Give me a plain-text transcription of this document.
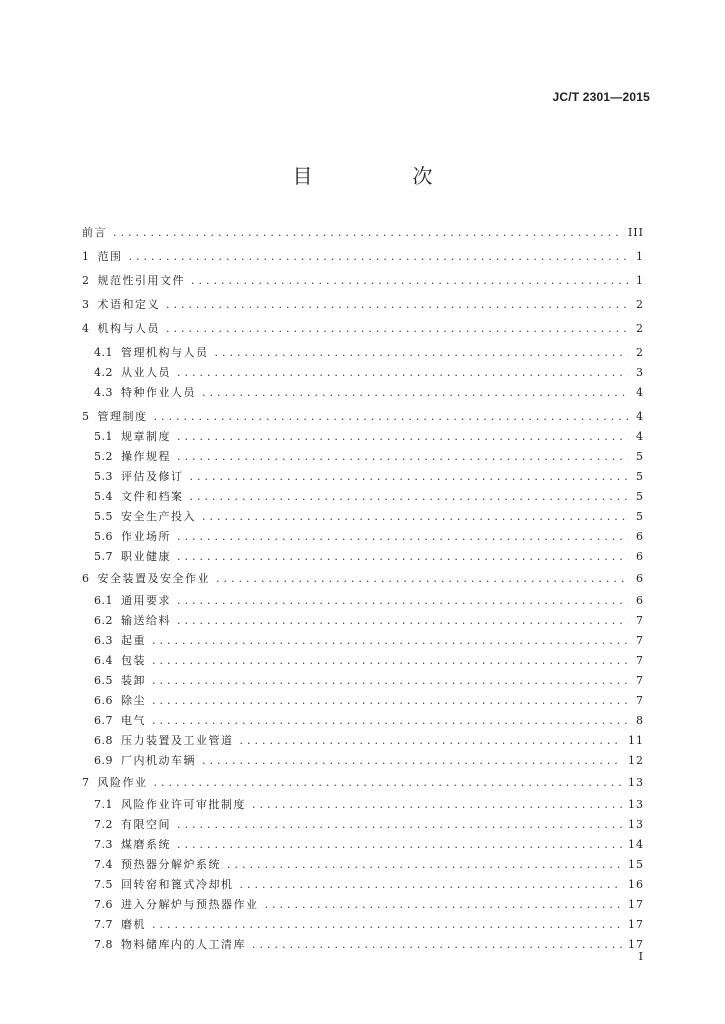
JC/T 2301—2015
目　次
前言 .....	III
1 范围 .....	1
2 规范性引用文件 .....	1
3 术语和定义 .....	2
4 机构与人员 .....	2
4.1 管理机构与人员 .....	2
4.2 从业人员 .....	3
4.3 特种作业人员 .....	4
5 管理制度 .....	4
5.1 规章制度 .....	4
5.2 操作规程 .....	5
5.3 评估及修订 .....	5
5.4 文件和档案 .....	5
5.5 安全生产投入 .....	5
5.6 作业场所 .....	6
5.7 职业健康 .....	6
6 安全装置及安全作业 .....	6
6.1 通用要求 .....	6
6.2 输送给料 .....	7
6.3 起重 .....	7
6.4 包装 .....	7
6.5 装卸 .....	7
6.6 除尘 .....	7
6.7 电气 .....	8
6.8 压力装置及工业管道 .....	11
6.9 厂内机动车辆 .....	12
7 风险作业 .....	13
7.1 风险作业许可审批制度 .....	13
7.2 有限空间 .....	13
7.3 煤磨系统 .....	14
7.4 预热器分解炉系统 .....	15
7.5 回转窑和篦式冷却机 .....	16
7.6 进入分解炉与预热器作业 .....	17
7.7 磨机 .....	17
7.8 物料储库内的人工清库 .....	17
I
